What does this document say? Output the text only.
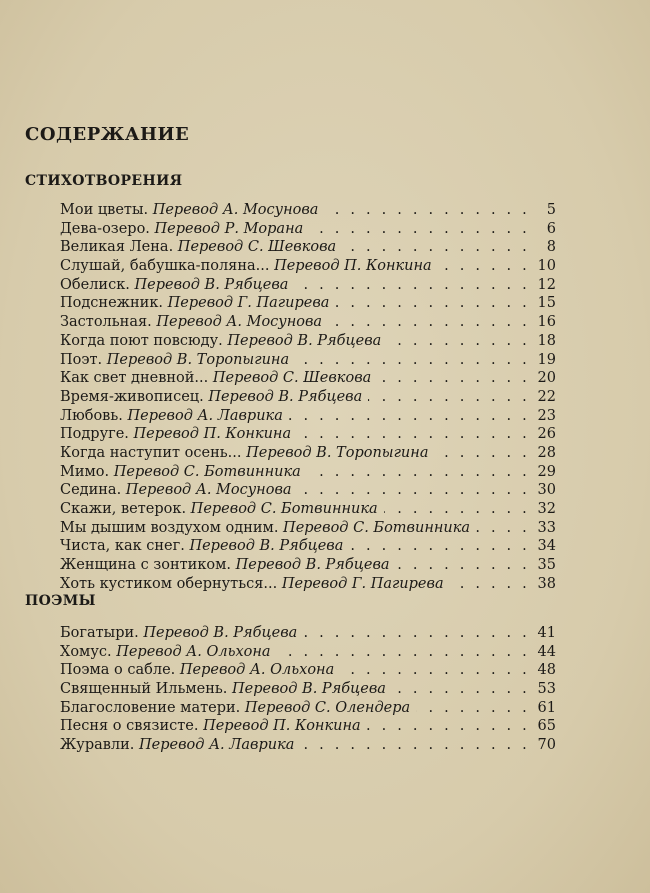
СОДЕРЖАНИЕ
СТИХОТВОРЕНИЯ
Мои цветы. Перевод А. Мосунова . . .	5
Дева-озеро. Перевод Р. Морана . . .	6
Великая Лена. Перевод С. Шевкова . . .	8
Слушай, бабушка-поляна... Перевод П. Конкина . . .	10
Обелиск. Перевод В. Рябцева . . .	12
Подснежник. Перевод Г. Пагирева . . .	15
Застольная. Перевод А. Мосунова . . .	16
Когда поют повсюду. Перевод В. Рябцева . . .	18
Поэт. Перевод В. Торопыгина . . .	19
Как свет дневной... Перевод С. Шевкова . . .	20
Время-живописец. Перевод В. Рябцева . . .	22
Любовь. Перевод А. Лаврика . . .	23
Подруге. Перевод П. Конкина . . .	26
Когда наступит осень... Перевод В. Торопыгина . . .	28
Мимо. Перевод С. Ботвинника . . .	29
Седина. Перевод А. Мосунова . . .	30
Скажи, ветерок. Перевод С. Ботвинника . . .	32
Мы дышим воздухом одним. Перевод С. Ботвинника . . .	33
Чиста, как снег. Перевод В. Рябцева . . .	34
Женщина с зонтиком. Перевод В. Рябцева . . .	35
Хоть кустиком обернуться... Перевод Г. Пагирева . . .	38
ПОЭМЫ
Богатыри. Перевод В. Рябцева . . .	41
Хомус. Перевод А. Ольхона . . .	44
Поэма о сабле. Перевод А. Ольхона . . .	48
Священный Ильмень. Перевод В. Рябцева . . .	53
Благословение матери. Перевод С. Олендера . . .	61
Песня о связисте. Перевод П. Конкина . . .	65
Журавли. Перевод А. Лаврика . . .	70
